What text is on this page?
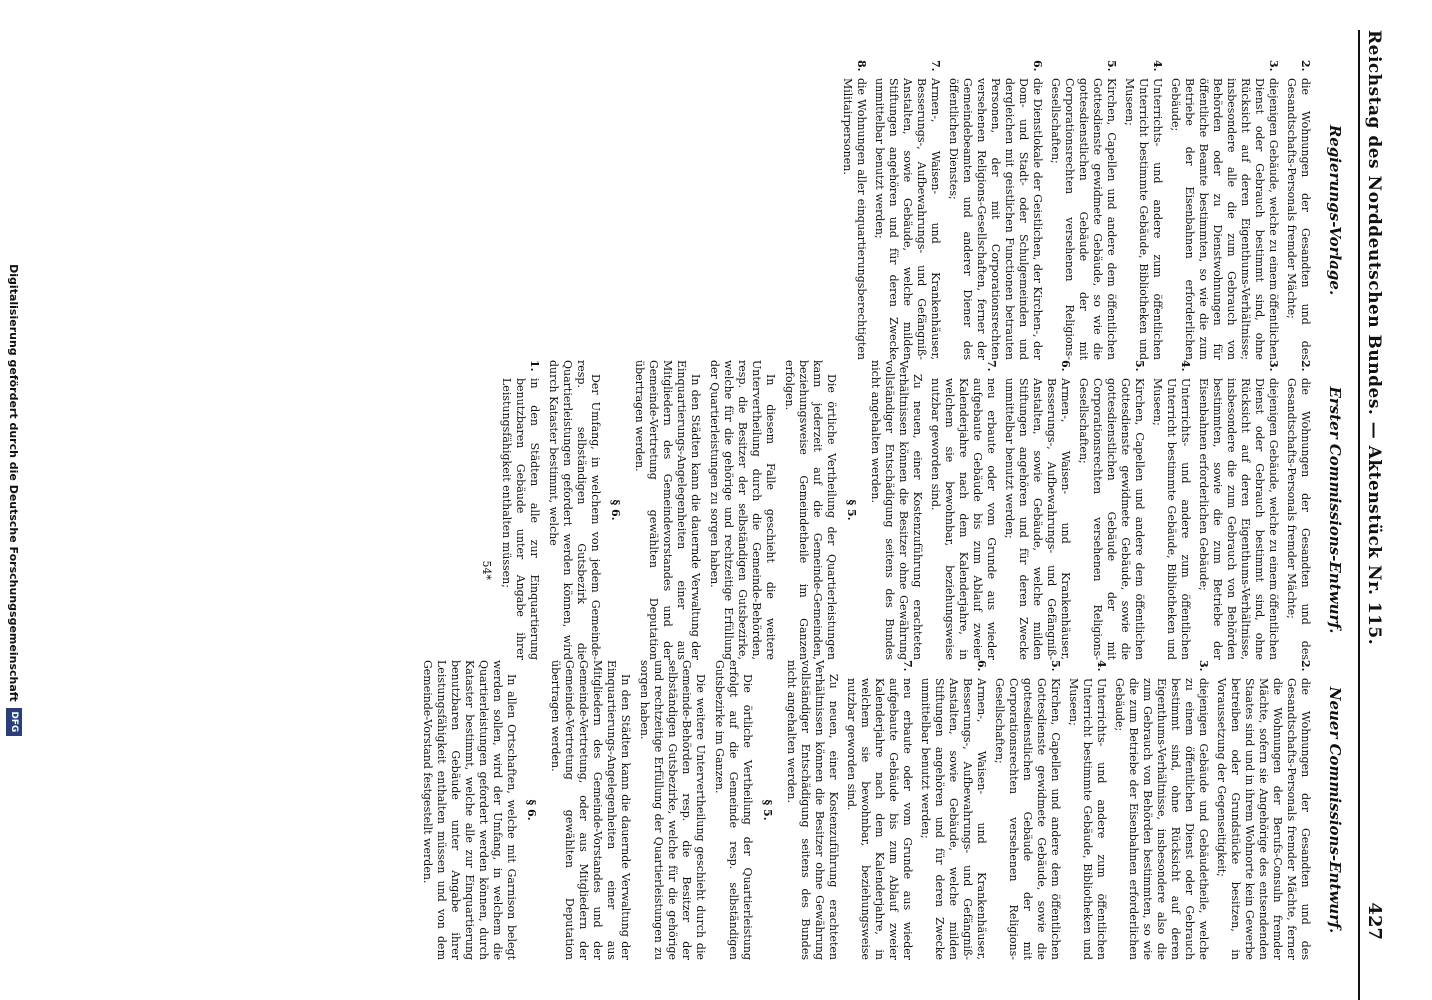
Reichstag des Norddeutschen Bundes. — Aktenstück Nr. 115.
427
Regierungs-Vorlage.
2.
die Wohnungen der Gesandten und des Gesandtschafts-Personals fremder Mächte;
3.
diejenigen Gebäude, welche zu einem öffentlichen Dienst oder Gebrauch bestimmt sind, ohne Rücksicht auf deren Eigenthums-Verhältnisse; insbesondere alle die zum Gebrauch von Behörden oder zu Dienstwohnungen für öffentliche Beamte bestimmten, so wie die zum Betriebe der Eisenbahnen erforderlichen Gebäude;
4.
Unterrichts- und andere zum öffentlichen Unterricht bestimmte Gebäude, Bibliotheken und Museen;
5.
Kirchen, Capellen und andere dem öffentlichen Gottesdienste gewidmete Gebäude, so wie die gottesdienstlichen Gebäude der mit Corporationsrechten versehenen Religions-Gesellschaften;
6.
die Dienstlokale der Geistlichen, der Kirchen-, der Dom- und Stadt- oder Schulgemeinden und dergleichen mit geistlichen Functionen betrauten Personen, der mit Corporationsrechten versehenen Religions-Gesellschaften, ferner der Gemeindebeamten und anderer Diener des öffentlichen Dienstes;
7.
Armen-, Waisen- und Krankenhäuser, Besserungs-, Aufbewahrungs- und Gefängniß-Anstalten, sowie Gebäude, welche milden Stiftungen angehören und für deren Zwecke unmittelbar benutzt werden;
8.
die Wohnungen aller einquartierungsberechtigten Militairpersonen.
Erster Commissions-Entwurf.
2.
die Wohnungen der Gesandten und des Gesandtschafts-Personals fremder Mächte;
3.
diejenigen Gebäude, welche zu einem öffentlichen Dienst oder Gebrauch bestimmt sind, ohne Rücksicht auf deren Eigenthums-Verhältnisse, insbesondere die zum Gebrauch von Behörden bestimmten, sowie die zum Betriebe der Eisenbahnen erforderlichen Gebäude;
4.
Unterrichts- und andere zum öffentlichen Unterricht bestimmte Gebäude, Bibliotheken und Museen;
5.
Kirchen, Capellen und andere dem öffentlichen Gottesdienste gewidmete Gebäude, sowie die gottesdienstlichen Gebäude der mit Corporationsrechten versehenen Religions-Gesellschaften;
6.
Armen-, Waisen- und Krankenhäuser, Besserungs-, Aufbewahrungs- und Gefängniß-Anstalten, sowie Gebäude, welche milden Stiftungen angehören und für deren Zwecke unmittelbar benutzt werden;
7.
neu erbaute oder vom Grunde aus wieder aufgebaute Gebäude bis zum Ablauf zweier Kalenderjahre nach dem Kalenderjahre, in welchem sie bewohnbar, beziehungsweise nutzbar geworden sind.

Zu neuen, einer Kostenzuführung erachteten Verhältnissen können die Besitzer ohne Gewährung vollständiger Entschädigung seitens des Bundes nicht angehalten werden.

§ 5.

Die örtliche Vertheilung der Quartierleistungen kann jederzeit auf die Gemeinde-Gemeinden, beziehungsweise Gemeindetheile im Ganzen erfolgen.

In diesem Falle geschieht die weitere Untervertheilung durch die Gemeinde-Behörden, resp. die Besitzer der selbständigen Gutsbezirke, welche für die gehörige und rechtzeitige Erfüllung der Quartierleistungen zu sorgen haben.

In den Städten kann die dauernde Verwaltung der Einquartierungs-Angelegenheiten einer aus Mitgliedern des Gemeindevorstandes und der Gemeinde-Vertretung gewählten Deputation übertragen werden.

§ 6.

Der Umfang, in welchem von jedem Gemeinde- resp. selbständigen Gutsbezirk die Quartierleistungen gefordert werden können, wird durch Kataster bestimmt, welche

1.
in den Städten alle zur Einquartierung benutzbaren Gebäude unter Angabe ihrer Leistungsfähigkeit enthalten müssen;
54*
Neuer Commissions-Entwurf.
2.
die Wohnungen der Gesandten und des Gesandtschafts-Personals fremder Mächte, ferner die Wohnungen der Berufs-Consuln fremder Mächte, sofern sie Angehörige des entsendenden Staates sind und in ihrem Wohnorte kein Gewerbe betreiben oder Grundstücke besitzen, in Voraussetzung der Gegenseitigkeit;
3.
diejenigen Gebäude und Gebäudetheile, welche zu einem öffentlichen Dienst oder Gebrauch bestimmt sind, ohne Rücksicht auf deren Eigenthums-Verhältnisse, insbesondere also die zum Gebrauch von Behörden bestimmten, so wie die zum Betriebe der Eisenbahnen erforderlichen Gebäude;
4.
Unterrichts- und andere zum öffentlichen Unterricht bestimmte Gebäude, Bibliotheken und Museen;
5.
Kirchen, Capellen und andere dem öffentlichen Gottesdienste gewidmete Gebäude, sowie die gottesdienstlichen Gebäude der mit Corporationsrechten versehenen Religions-Gesellschaften;
6.
Armen-, Waisen- und Krankenhäuser, Besserungs-, Aufbewahrungs- und Gefängniß-Anstalten, sowie Gebäude, welche milden Stiftungen angehören und für deren Zwecke unmittelbar benutzt werden;
7.
neu erbaute oder vom Grunde aus wieder aufgebaute Gebäude bis zum Ablauf zweier Kalenderjahre nach dem Kalenderjahre, in welchem sie bewohnbar, beziehungsweise nutzbar geworden sind.

Zu neuen, einer Kostenzuführung erachteten Verhältnissen können die Besitzer ohne Gewährung vollständiger Entschädigung seitens des Bundes nicht angehalten werden.

§ 5.

Die örtliche Vertheilung der Quartierleistung erfolgt auf die Gemeinde resp. selbständigen Gutsbezirke im Ganzen.

Die weitere Untervertheilung geschieht durch die Gemeinde-Behörden resp. die Besitzer der selbständigen Gutsbezirke, welche für die gehörige und rechtzeitige Erfüllung der Quartierleistungen zu sorgen haben.

In den Städten kann die dauernde Verwaltung der Einquartierungs-Angelegenheiten einer aus Mitgliedern des Gemeinde-Vorstandes und der Gemeinde-Vertretung, oder aus Mitgliedern der Gemeinde-Vertretung gewählten Deputation übertragen werden.

§ 6.

In allen Ortschaften, welche mit Garnison belegt werden sollen, wird der Umfang, in welchem die Quartierleistungen gefordert werden können, durch Kataster bestimmt, welche alle zur Einquartierung benutzbaren Gebäude unter Angabe ihrer Leistungsfähigkeit enthalten müssen und von dem Gemeinde-Vorstand festgestellt werden.

Digitalisierung gefördert durch die Deutsche Forschungsgemeinschaft
DFG
